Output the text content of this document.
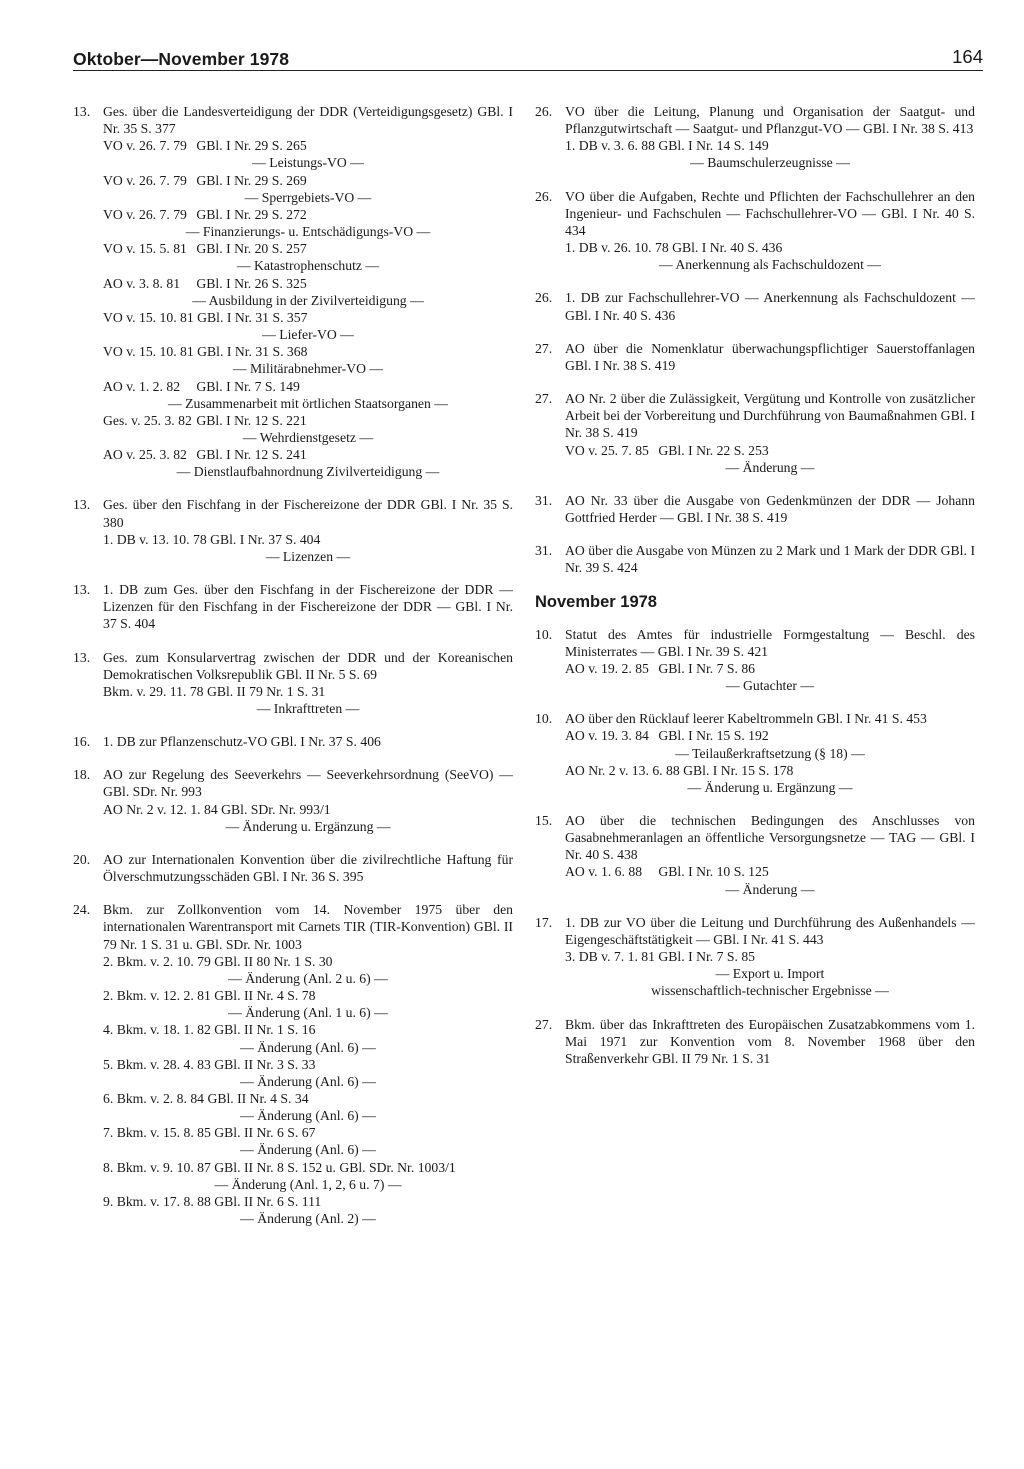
Oktober—November 1978	164
13. Ges. über die Landesverteidigung der DDR (Verteidigungsgesetz) GBl. I Nr. 35 S. 377
VO v. 26. 7. 79 GBl. I Nr. 29 S. 265
— Leistungs-VO —
VO v. 26. 7. 79 GBl. I Nr. 29 S. 269
— Sperrgebiets-VO —
VO v. 26. 7. 79 GBl. I Nr. 29 S. 272
— Finanzierungs- u. Entschädigungs-VO —
VO v. 15. 5. 81 GBl. I Nr. 20 S. 257
— Katastrophenschutz —
AO v. 3. 8. 81 GBl. I Nr. 26 S. 325
— Ausbildung in der Zivilverteidigung —
VO v. 15. 10. 81 GBl. I Nr. 31 S. 357
— Liefer-VO —
VO v. 15. 10. 81 GBl. I Nr. 31 S. 368
— Militärabnehmer-VO —
AO v. 1. 2. 82 GBl. I Nr. 7 S. 149
— Zusammenarbeit mit örtlichen Staatsorganen —
Ges. v. 25. 3. 82 GBl. I Nr. 12 S. 221
— Wehrdienstgesetz —
AO v. 25. 3. 82 GBl. I Nr. 12 S. 241
— Dienstlaufbahnordnung Zivilverteidigung —
13. Ges. über den Fischfang in der Fischereizone der DDR GBl. I Nr. 35 S. 380
1. DB v. 13. 10. 78 GBl. I Nr. 37 S. 404
— Lizenzen —
13. 1. DB zum Ges. über den Fischfang in der Fischereizone der DDR — Lizenzen für den Fischfang in der Fischereizone der DDR — GBl. I Nr. 37 S. 404
13. Ges. zum Konsularvertrag zwischen der DDR und der Koreanischen Demokratischen Volksrepublik GBl. II Nr. 5 S. 69
Bkm. v. 29. 11. 78 GBl. II 79 Nr. 1 S. 31
— Inkrafttreten —
16. 1. DB zur Pflanzenschutz-VO GBl. I Nr. 37 S. 406
18. AO zur Regelung des Seeverkehrs — Seeverkehrsordnung (SeeVO) — GBl. SDr. Nr. 993
AO Nr. 2 v. 12. 1. 84 GBl. SDr. Nr. 993/1
— Änderung u. Ergänzung —
20. AO zur Internationalen Konvention über die zivilrechtliche Haftung für Ölverschmutzungsschäden GBl. I Nr. 36 S. 395
24. Bkm. zur Zollkonvention vom 14. November 1975 über den internationalen Warentransport mit Carnets TIR (TIR-Konvention) GBl. II 79 Nr. 1 S. 31 u. GBl. SDr. Nr. 1003
2. Bkm. v. 2. 10. 79 GBl. II 80 Nr. 1 S. 30
— Änderung (Anl. 2 u. 6) —
2. Bkm. v. 12. 2. 81 GBl. II Nr. 4 S. 78
— Änderung (Anl. 1 u. 6) —
4. Bkm. v. 18. 1. 82 GBl. II Nr. 1 S. 16
— Änderung (Anl. 6) —
5. Bkm. v. 28. 4. 83 GBl. II Nr. 3 S. 33
— Änderung (Anl. 6) —
6. Bkm. v. 2. 8. 84 GBl. II Nr. 4 S. 34
— Änderung (Anl. 6) —
7. Bkm. v. 15. 8. 85 GBl. II Nr. 6 S. 67
— Änderung (Anl. 6) —
8. Bkm. v. 9. 10. 87 GBl. II Nr. 8 S. 152 u. GBl. SDr. Nr. 1003/1
— Änderung (Anl. 1, 2, 6 u. 7) —
9. Bkm. v. 17. 8. 88 GBl. II Nr. 6 S. 111
— Änderung (Anl. 2) —
26. VO über die Leitung, Planung und Organisation der Saatgut- und Pflanzgutwirtschaft — Saatgut- und Pflanzgut-VO — GBl. I Nr. 38 S. 413
1. DB v. 3. 6. 88 GBl. I Nr. 14 S. 149
— Baumschulerzeugnisse —
26. VO über die Aufgaben, Rechte und Pflichten der Fachschullehrer an den Ingenieur- und Fachschulen — Fachschullehrer-VO — GBl. I Nr. 40 S. 434
1. DB v. 26. 10. 78 GBl. I Nr. 40 S. 436
— Anerkennung als Fachschuldozent —
26. 1. DB zur Fachschullehrer-VO — Anerkennung als Fachschuldozent — GBl. I Nr. 40 S. 436
27. AO über die Nomenklatur überwachungspflichtiger Sauerstoffanlagen GBl. I Nr. 38 S. 419
27. AO Nr. 2 über die Zulässigkeit, Vergütung und Kontrolle von zusätzlicher Arbeit bei der Vorbereitung und Durchführung von Baumaßnahmen GBl. I Nr. 38 S. 419
VO v. 25. 7. 85 GBl. I Nr. 22 S. 253
— Änderung —
31. AO Nr. 33 über die Ausgabe von Gedenkmünzen der DDR — Johann Gottfried Herder — GBl. I Nr. 38 S. 419
31. AO über die Ausgabe von Münzen zu 2 Mark und 1 Mark der DDR GBl. I Nr. 39 S. 424
November 1978
10. Statut des Amtes für industrielle Formgestaltung — Beschl. des Ministerrates — GBl. I Nr. 39 S. 421
AO v. 19. 2. 85 GBl. I Nr. 7 S. 86
— Gutachter —
10. AO über den Rücklauf leerer Kabeltrommeln GBl. I Nr. 41 S. 453
AO v. 19. 3. 84 GBl. I Nr. 15 S. 192
— Teilaußerkraftsetzung (§ 18) —
AO Nr. 2 v. 13. 6. 88 GBl. I Nr. 15 S. 178
— Änderung u. Ergänzung —
15. AO über die technischen Bedingungen des Anschlusses von Gasabnehmeranlagen an öffentliche Versorgungsnetze — TAG — GBl. I Nr. 40 S. 438
AO v. 1. 6. 88 GBl. I Nr. 10 S. 125
— Änderung —
17. 1. DB zur VO über die Leitung und Durchführung des Außenhandels — Eigengeschäftstätigkeit — GBl. I Nr. 41 S. 443
3. DB v. 7. 1. 81 GBl. I Nr. 7 S. 85
— Export u. Import
wissenschaftlich-technischer Ergebnisse —
27. Bkm. über das Inkrafttreten des Europäischen Zusatzabkommens vom 1. Mai 1971 zur Konvention vom 8. November 1968 über den Straßenverkehr GBl. II 79 Nr. 1 S. 31
